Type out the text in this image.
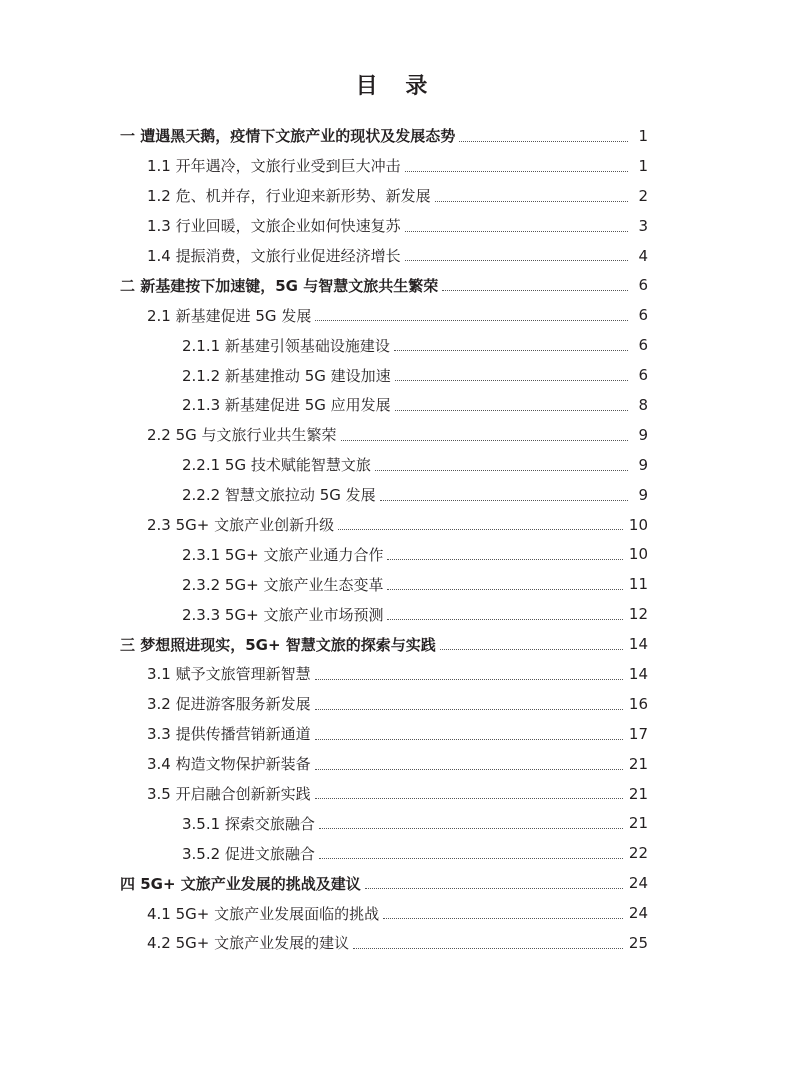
目 录
一 遭遇黑天鹅，疫情下文旅产业的现状及发展态势	1
1.1 开年遇冷，文旅行业受到巨大冲击	1
1.2 危、机并存，行业迎来新形势、新发展	2
1.3 行业回暖，文旅企业如何快速复苏	3
1.4 提振消费，文旅行业促进经济增长	4
二 新基建按下加速键，5G 与智慧文旅共生繁荣	6
2.1 新基建促进 5G 发展	6
2.1.1 新基建引领基础设施建设	6
2.1.2 新基建推动 5G 建设加速	6
2.1.3 新基建促进 5G 应用发展	8
2.2 5G 与文旅行业共生繁荣	9
2.2.1 5G 技术赋能智慧文旅	9
2.2.2 智慧文旅拉动 5G 发展	9
2.3 5G+ 文旅产业创新升级	10
2.3.1 5G+ 文旅产业通力合作	10
2.3.2 5G+ 文旅产业生态变革	11
2.3.3 5G+ 文旅产业市场预测	12
三 梦想照进现实，5G+ 智慧文旅的探索与实践	14
3.1 赋予文旅管理新智慧	14
3.2 促进游客服务新发展	16
3.3 提供传播营销新通道	17
3.4 构造文物保护新装备	21
3.5 开启融合创新新实践	21
3.5.1 探索交旅融合	21
3.5.2 促进文旅融合	22
四 5G+ 文旅产业发展的挑战及建议	24
4.1 5G+ 文旅产业发展面临的挑战	24
4.2 5G+ 文旅产业发展的建议	25
